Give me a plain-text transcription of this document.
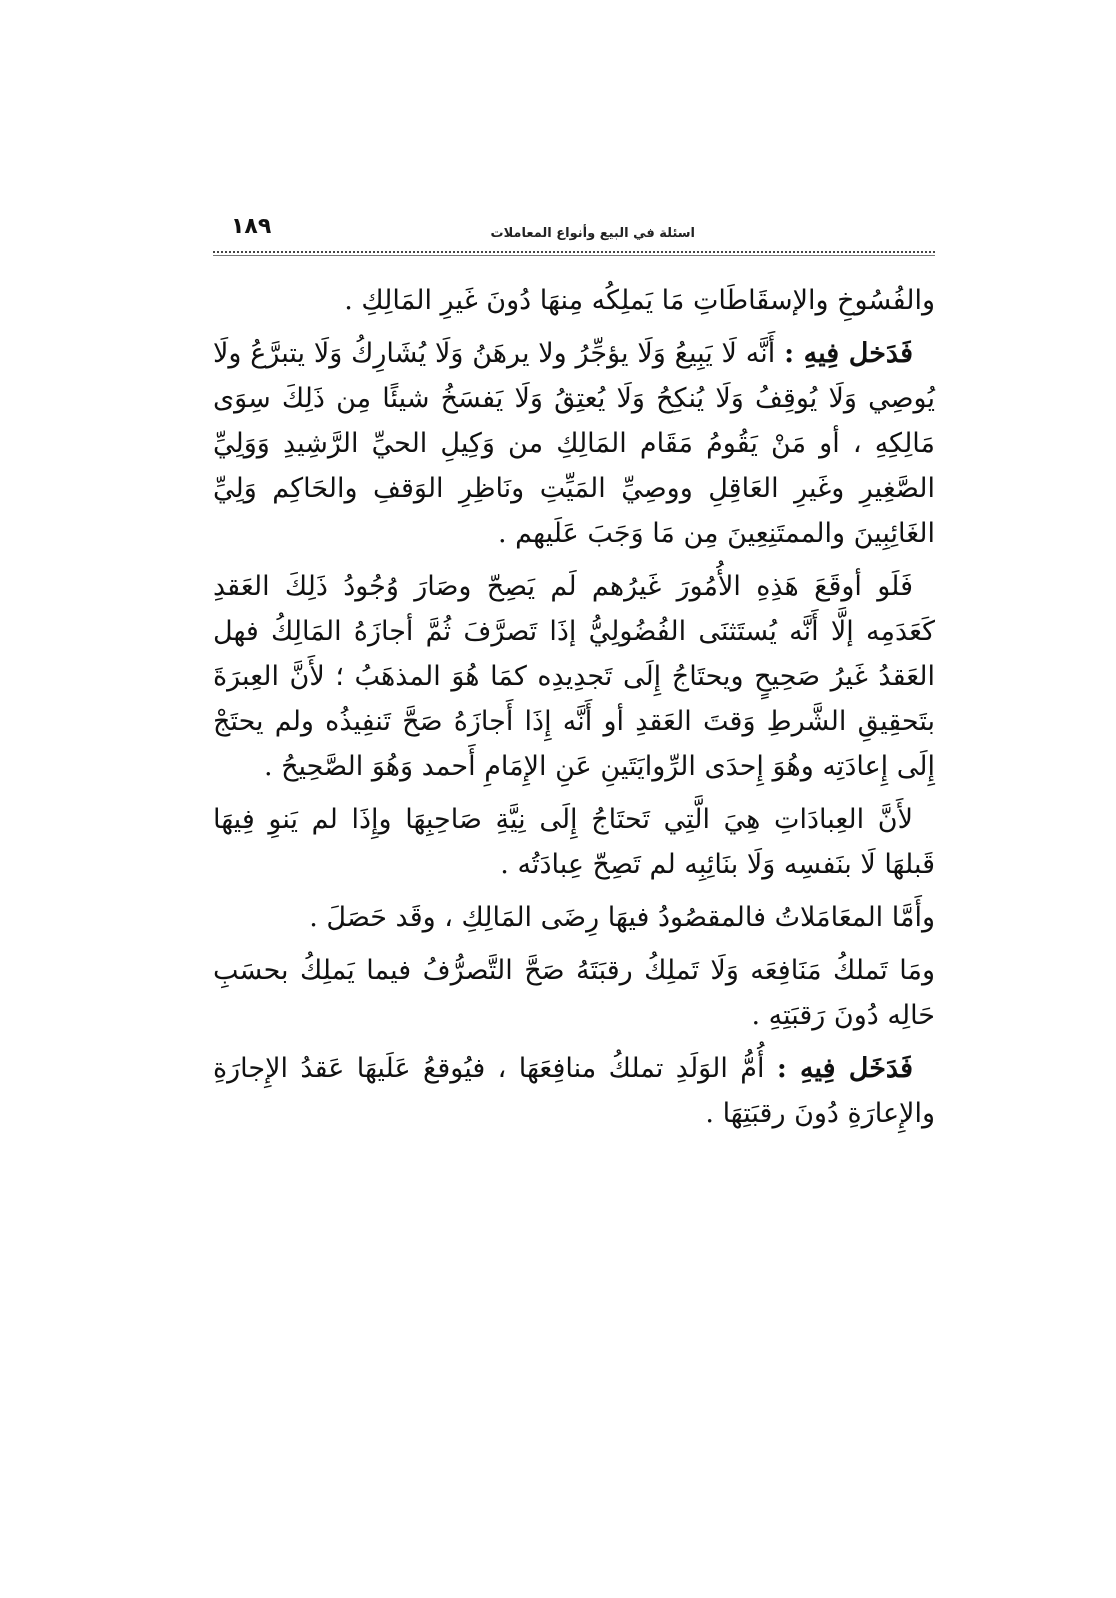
اسئلة في البيع وأنواع المعاملات
١٨٩

والفُسُوخِ والإسقَاطَاتِ مَا يَملِكُه مِنهَا دُونَ غَيرِ المَالِكِ .

فَدَخل فِيهِ : أَنَّه لَا يَبِيعُ وَلَا يؤجِّرُ ولا يرهَنُ وَلَا يُشَارِكُ وَلَا يتبرَّعُ ولَا يُوصِي وَلَا يُوقِفُ وَلَا يُنكِحُ وَلَا يُعتِقُ وَلَا يَفسَخُ شيئًا مِن ذَلِكَ سِوَى مَالِكِهِ ، أو مَنْ يَقُومُ مَقَام المَالِكِ من وَكِيلِ الحيِّ الرَّشِيدِ وَوَلِيِّ الصَّغِيرِ وغَيرِ العَاقِلِ ووصِيِّ المَيِّتِ ونَاظِرِ الوَقفِ والحَاكِم وَلِيِّ الغَائِبِينَ والممتَنِعِينَ مِن مَا وَجَبَ عَلَيهم .

فَلَو أوقَعَ هَذِهِ الأُمُورَ غَيرُهم لَم يَصِحّ وصَارَ وُجُودُ ذَلِكَ العَقدِ كَعَدَمِه إلَّا أَنَّه يُستَثنَى الفُضُولِيُّ إذَا تَصرَّفَ ثُمَّ أجازَهُ المَالِكُ فهل العَقدُ غَيرُ صَحِيحٍ ويحتَاجُ إِلَى تَجدِيدِه كمَا هُوَ المذهَبُ ؛ لأَنَّ العِبرَةَ بتَحقِيقِ الشَّرطِ وَقتَ العَقدِ أو أَنَّه إِذَا أَجازَهُ صَحَّ تَنفِيذُه ولم يحتَجْ إِلَى إِعادَتِه وهُوَ إِحدَى الرِّوايَتَينِ عَنِ الإِمَامِ أَحمد وَهُوَ الصَّحِيحُ .

لأَنَّ العِبادَاتِ هِيَ الَّتِي تَحتَاجُ إِلَى نِيَّةِ صَاحِبِهَا وإِذَا لم يَنوِ فِيهَا قَبلهَا لَا بنَفسِه وَلَا بنَائِبِه لم تَصِحّ عِبادَتُه .

وأَمَّا المعَامَلاتُ فالمقصُودُ فيهَا رِضَى المَالِكِ ، وقَد حَصَلَ .

ومَا تَملكُ مَنَافِعَه وَلَا تَملِكُ رقبَتَهُ صَحَّ التَّصرُّفُ فيما يَملِكُ بحسَبِ حَالِه دُونَ رَقبَتِهِ .

فَدَخَل فِيهِ : أُمُّ الوَلَدِ تملكُ منافِعَهَا ، فيُوقعُ عَلَيهَا عَقدُ الإِجارَةِ والإِعارَةِ دُونَ رقبَتِهَا .
